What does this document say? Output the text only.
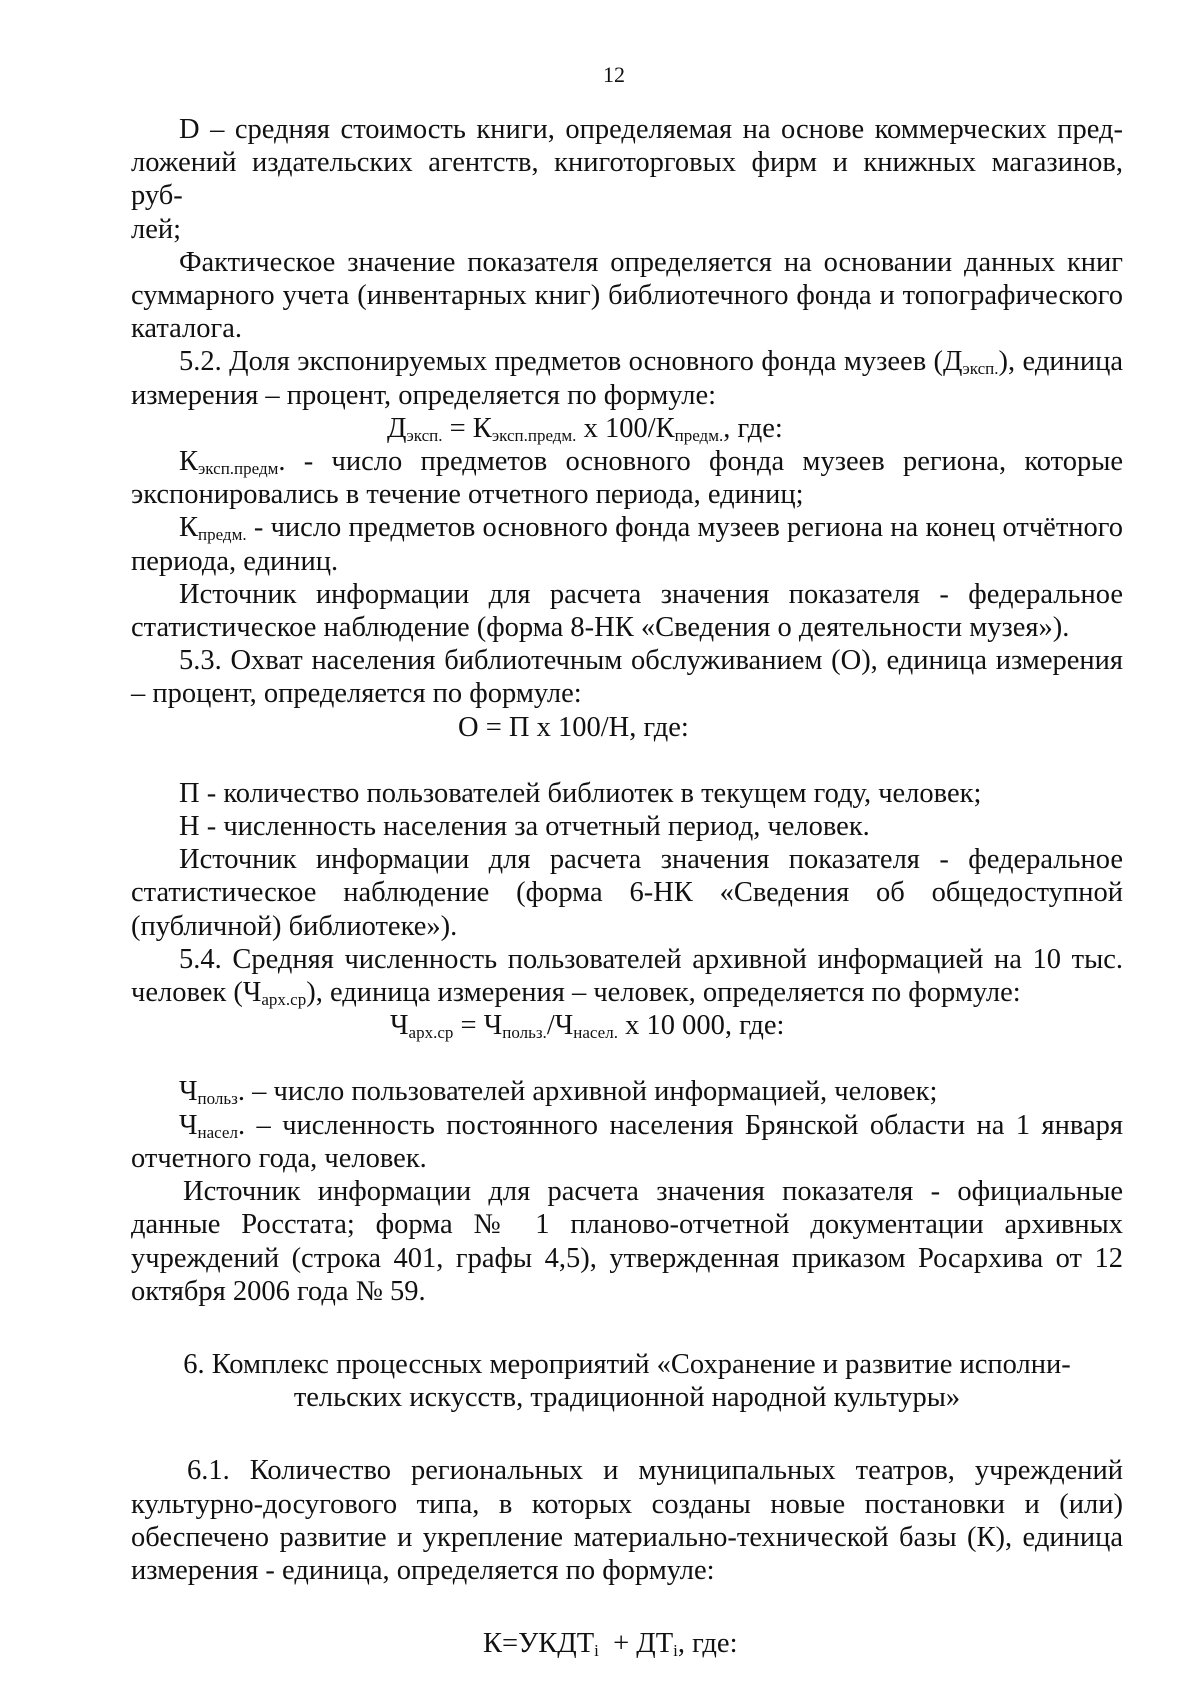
12

D – средняя стоимость книги, определяемая на основе коммерческих пред-
ложений издательских агентств, книготорговых фирм и книжных магазинов, руб-
лей;

Фактическое значение показателя определяется на основании данных книг суммарного учета (инвентарных книг) библиотечного фонда и топографического каталога.

5.2. Доля экспонируемых предметов основного фонда музеев $(Д_{эксп.})$, единица измерения – процент, определяется по формуле:

$Д_{эксп.} = К_{эксп.предм.}$ х $100/К_{предм.}$, где:

$К_{эксп.предм}$. - число предметов основного фонда музеев региона, которые экспонировались в течение отчетного периода, единиц;

$К_{предм.}$ - число предметов основного фонда музеев региона на конец отчётного периода, единиц.

Источник информации для расчета значения показателя - федеральное статистическое наблюдение (форма 8-НК «Сведения о деятельности музея»).

5.3. Охват населения библиотечным обслуживанием (О), единица измерения – процент, определяется по формуле:

О = П х 100/Н, где:

П - количество пользователей библиотек в текущем году, человек;

Н - численность населения за отчетный период, человек.

Источник информации для расчета значения показателя - федеральное статистическое наблюдение (форма 6-НК «Сведения об общедоступной (публичной) библиотеке»).

5.4. Средняя численность пользователей архивной информацией на 10 тыс.

человек $(Ч_{арх.ср})$, единица измерения – человек, определяется по формуле:

$Ч_{арх.ср} = Ч_{польз.}/Ч_{насел.}$ х 10 000, где:

$Ч_{польз}$. – число пользователей архивной информацией, человек;

$Ч_{насел}$. – численность постоянного населения Брянской области на 1 января отчетного года, человек.

Источник информации для расчета значения показателя - официальные данные Росстата; форма № 1 планово-отчетной документации архивных учреждений (строка 401, графы 4,5), утвержденная приказом Росархива от 12 октября 2006 года № 59.

6. Комплекс процессных мероприятий «Сохранение и развитие исполни-
тельских искусств, традиционной народной культуры»

6.1. Количество региональных и муниципальных театров, учреждений культурно-досугового типа, в которых созданы новые постановки и (или) обеспечено развитие и укрепление материально-технической базы (К), единица измерения - единица, определяется по формуле:

$К=УКДТ_i + ДТ_i$, где:
